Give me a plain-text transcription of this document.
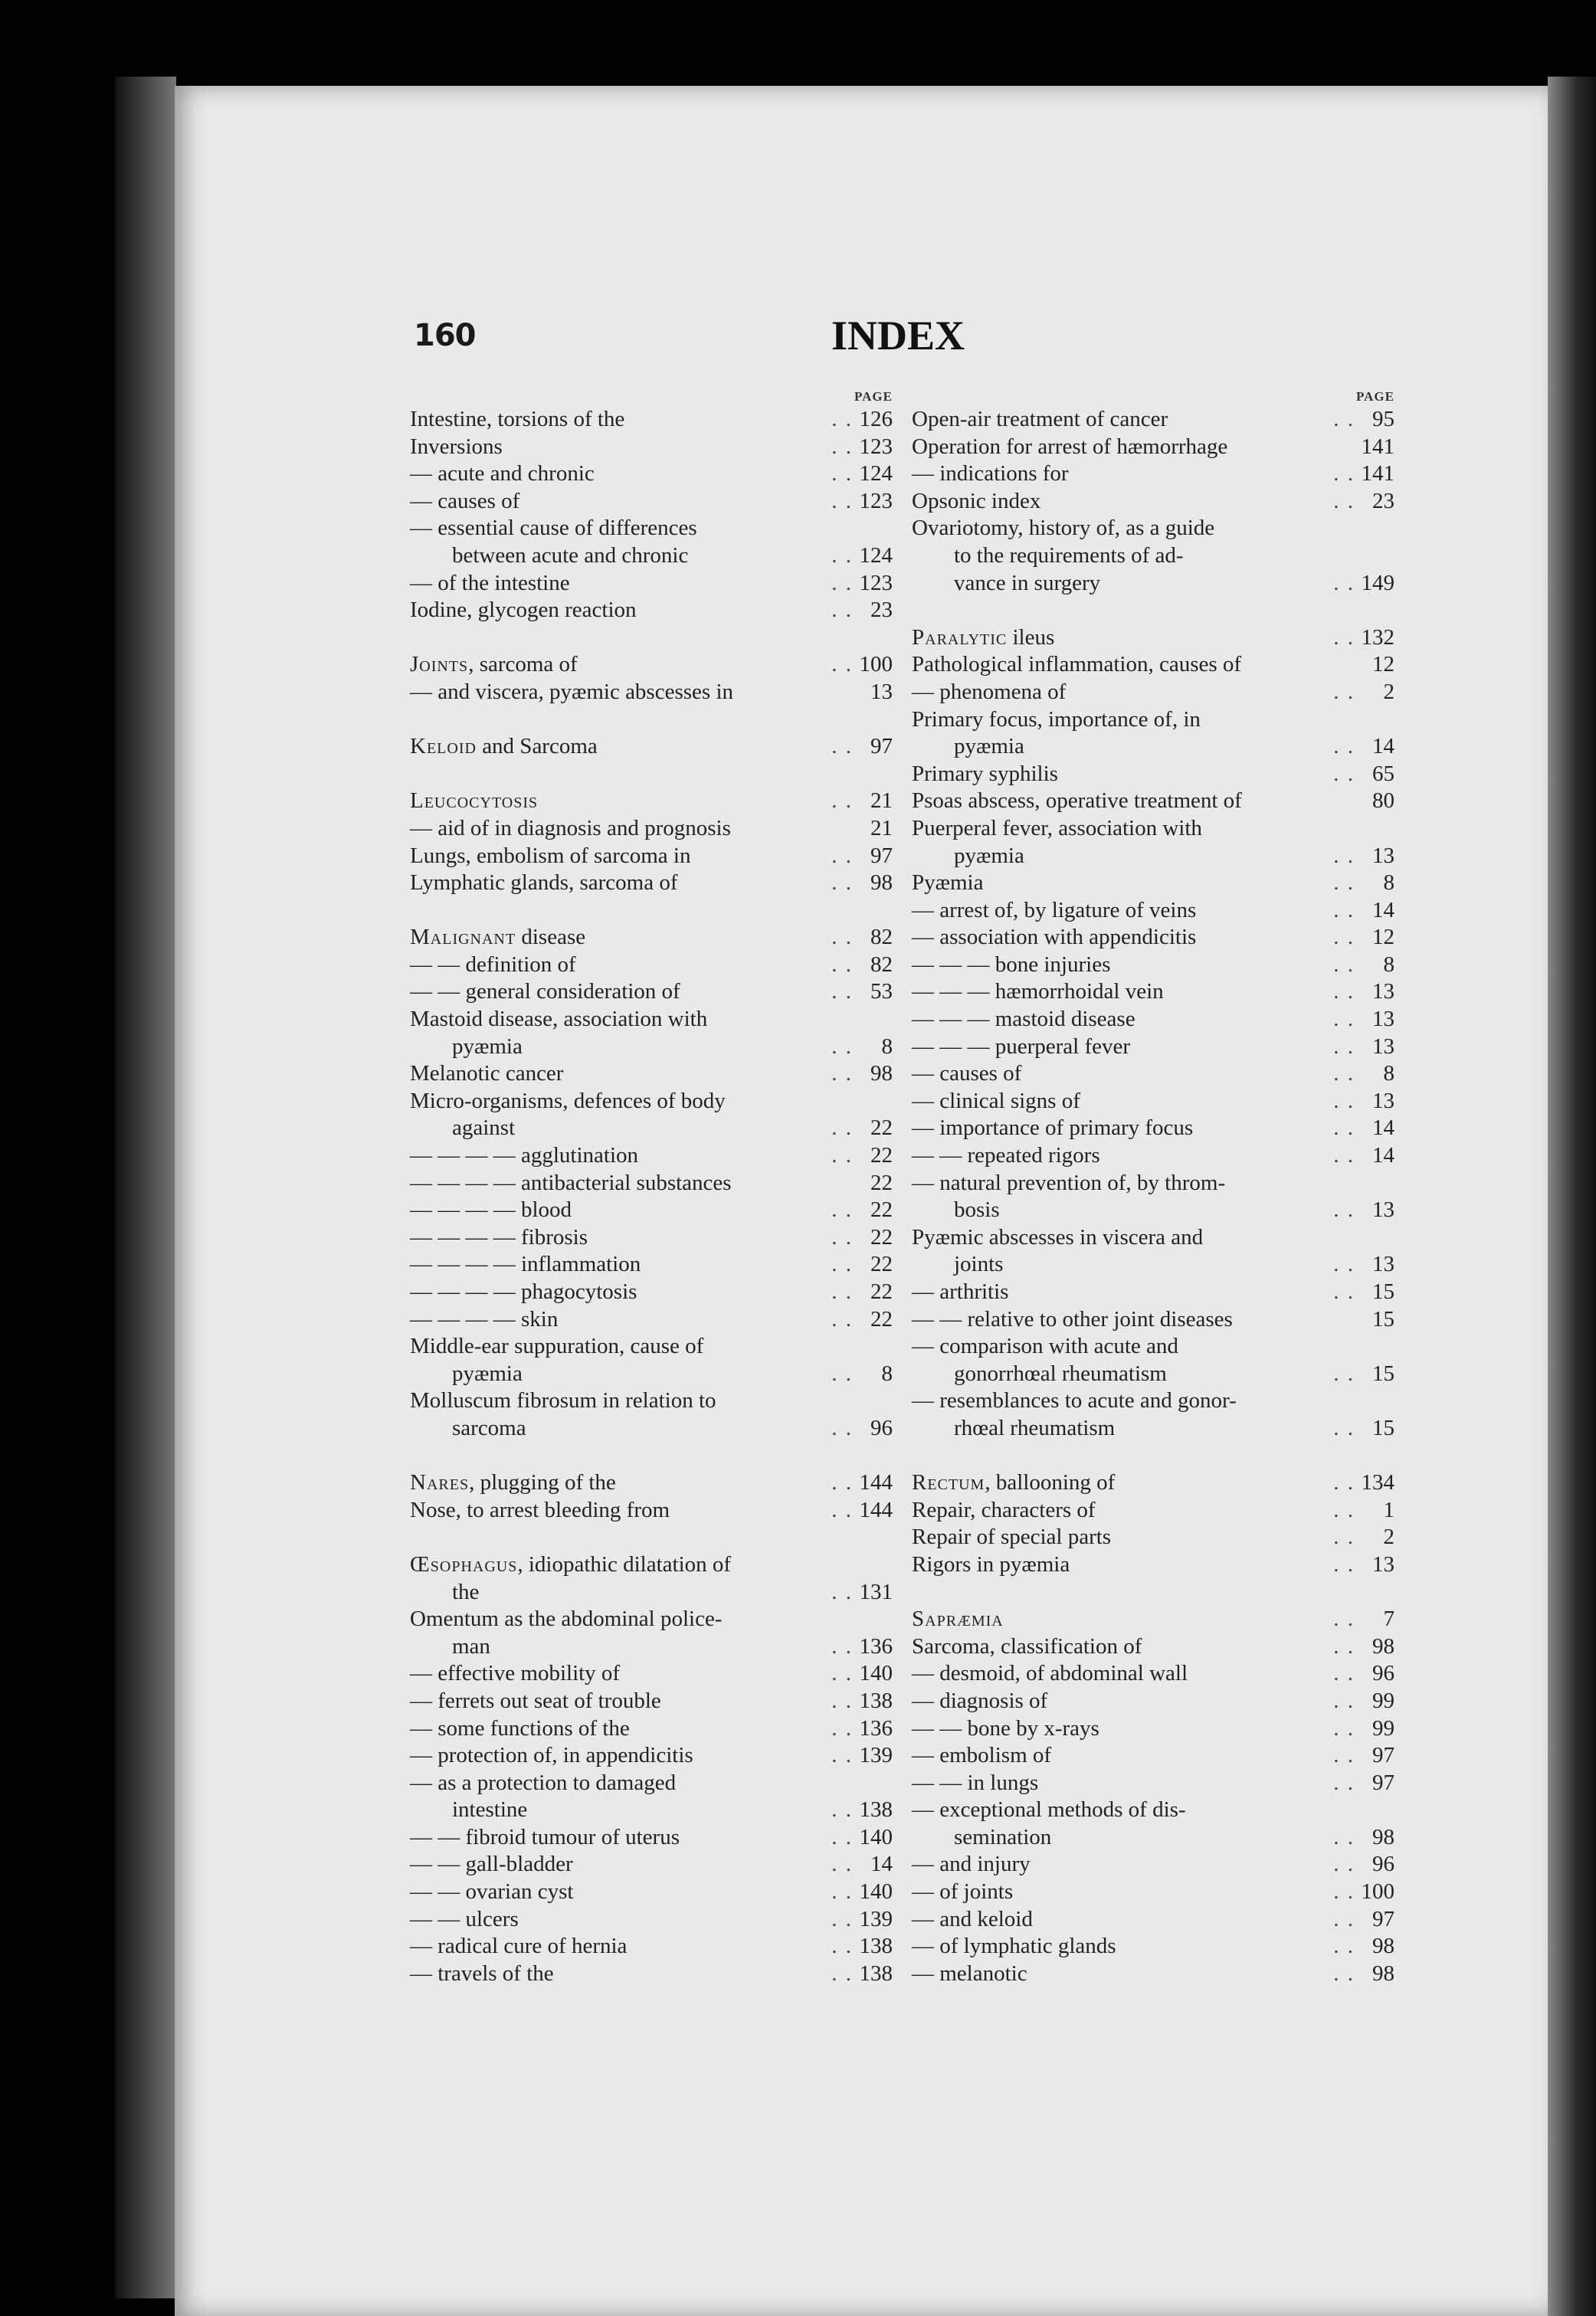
160	INDEX
PAGE
Intestine, torsions of the	. . 126
Inversions	. . 123
— acute and chronic	. . 124
— causes of	. . 123
— essential cause of differences
between acute and chronic	. . 124
— of the intestine	. . 123
Iodine, glycogen reaction	. . 23
Joints, sarcoma of	. . 100
— and viscera, pyæmic abscesses in	13
Keloid and Sarcoma	. . 97
Leucocytosis	. . 21
— aid of in diagnosis and prognosis	21
Lungs, embolism of sarcoma in	. . 97
Lymphatic glands, sarcoma of	. . 98
Malignant disease	. . 82
— — definition of	. . 82
— — general consideration of	. . 53
Mastoid disease, association with
pyæmia	. . 8
Melanotic cancer	. . 98
Micro-organisms, defences of body
against	. . 22
— — — — agglutination	. . 22
— — — — antibacterial substances	22
— — — — blood	. . 22
— — — — fibrosis	. . 22
— — — — inflammation	. . 22
— — — — phagocytosis	. . 22
— — — — skin	. . 22
Middle-ear suppuration, cause of
pyæmia	. . 8
Molluscum fibrosum in relation to
sarcoma	. . 96
Nares, plugging of the	. . 144
Nose, to arrest bleeding from	. . 144
Œsophagus, idiopathic dilatation of
the	. . 131
Omentum as the abdominal police-
man	. . 136
— effective mobility of	. . 140
— ferrets out seat of trouble	. . 138
— some functions of the	. . 136
— protection of, in appendicitis	. . 139
— as a protection to damaged
intestine	. . 138
— — fibroid tumour of uterus	. . 140
— — gall-bladder	. . 14
— — ovarian cyst	. . 140
— — ulcers	. . 139
— radical cure of hernia	. . 138
— travels of the	. . 138
PAGE
Open-air treatment of cancer	. . 95
Operation for arrest of hæmorrhage	141
— indications for	. . 141
Opsonic index	. . 23
Ovariotomy, history of, as a guide
to the requirements of ad-
vance in surgery	. . 149
Paralytic ileus	. . 132
Pathological inflammation, causes of	12
— phenomena of	. . 2
Primary focus, importance of, in
pyæmia	. . 14
Primary syphilis	. . 65
Psoas abscess, operative treatment of	80
Puerperal fever, association with
pyæmia	. . 13
Pyæmia	. . 8
— arrest of, by ligature of veins	. . 14
— association with appendicitis	. . 12
— — — bone injuries	. . 8
— — — hæmorrhoidal vein	. . 13
— — — mastoid disease	. . 13
— — — puerperal fever	. . 13
— causes of	. . 8
— clinical signs of	. . 13
— importance of primary focus	. . 14
— — repeated rigors	. . 14
— natural prevention of, by throm-
bosis	. . 13
Pyæmic abscesses in viscera and
joints	. . 13
— arthritis	. . 15
— — relative to other joint diseases	15
— comparison with acute and
gonorrhœal rheumatism	. . 15
— resemblances to acute and gonor-
rhœal rheumatism	. . 15
Rectum, ballooning of	. . 134
Repair, characters of	. . 1
Repair of special parts	. . 2
Rigors in pyæmia	. . 13
Sapræmia	. . 7
Sarcoma, classification of	. . 98
— desmoid, of abdominal wall	. . 96
— diagnosis of	. . 99
— — bone by x-rays	. . 99
— embolism of	. . 97
— — in lungs	. . 97
— exceptional methods of dis-
semination	. . 98
— and injury	. . 96
— of joints	. . 100
— and keloid	. . 97
— of lymphatic glands	. . 98
— melanotic	. . 98
